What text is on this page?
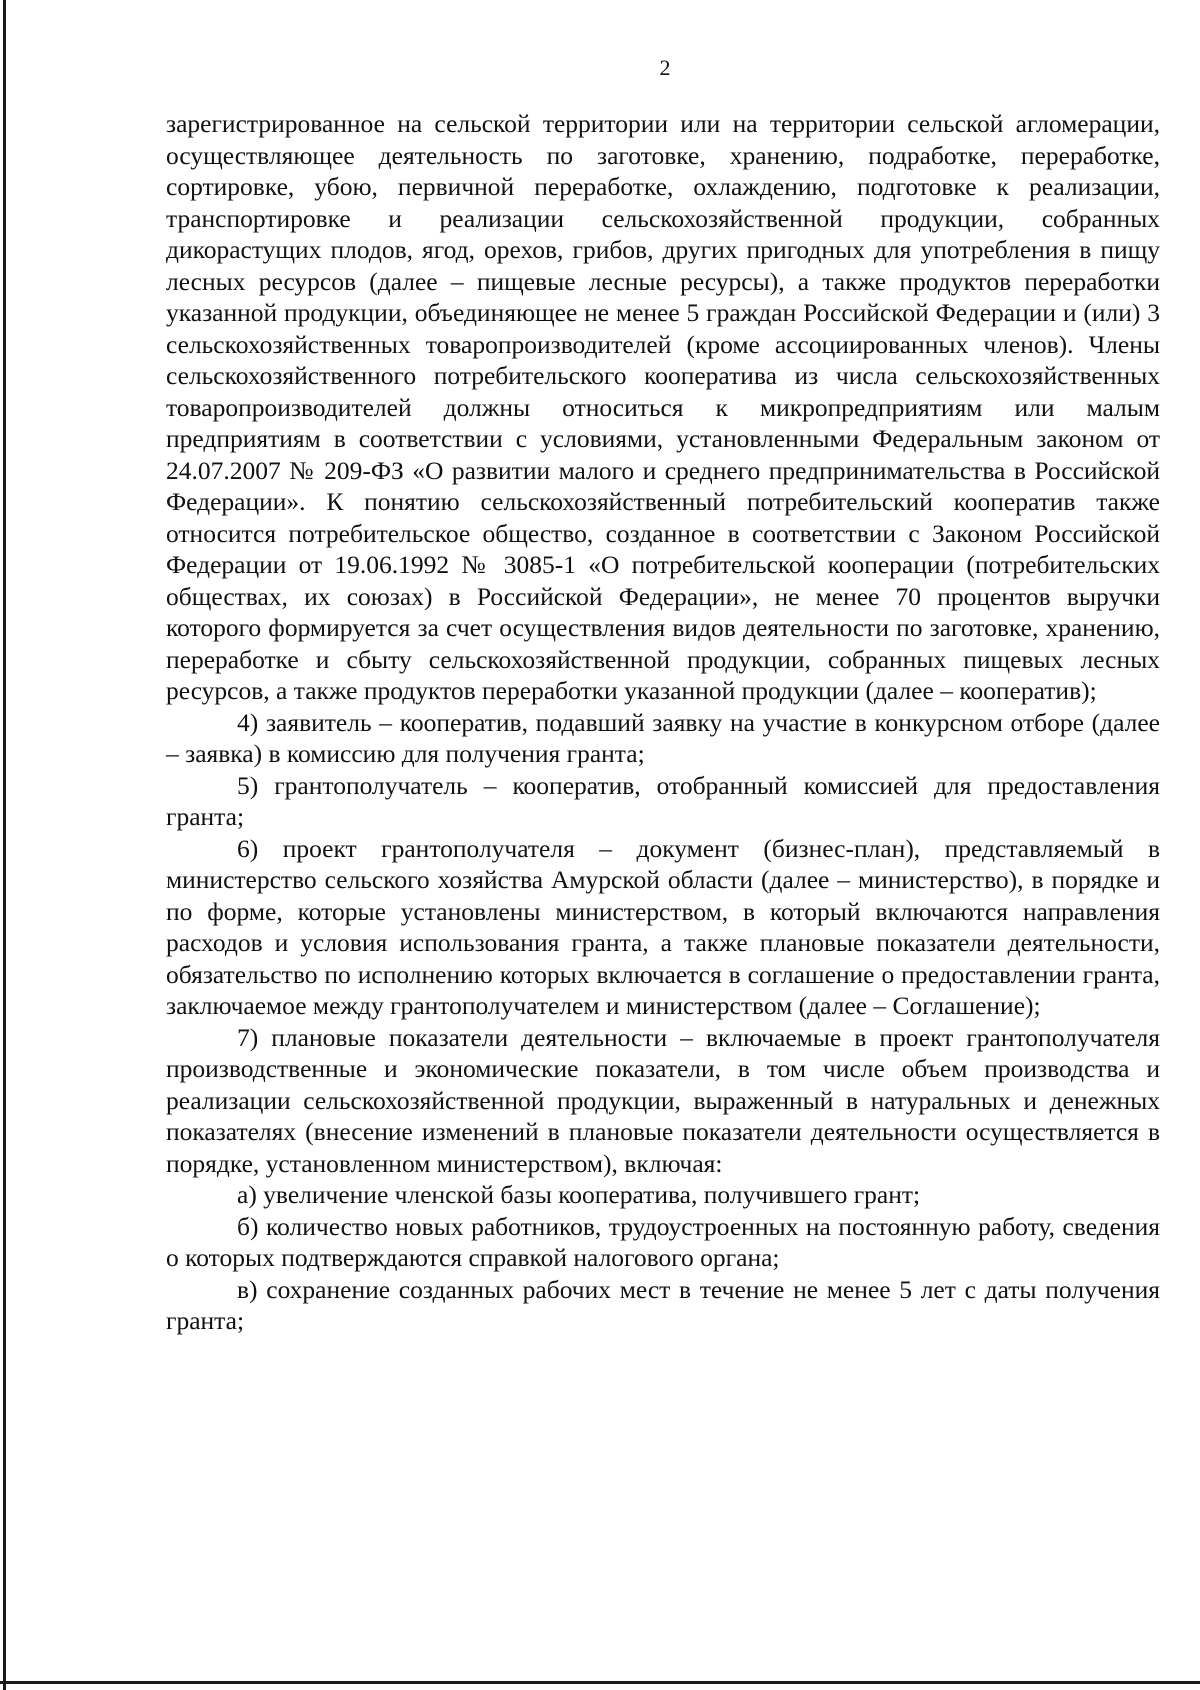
2

зарегистрированное на сельской территории или на территории сельской агломерации, осуществляющее деятельность по заготовке, хранению, подработке, переработке, сортировке, убою, первичной переработке, охлаждению, подготовке к реализации, транспортировке и реализации сельскохозяйственной продукции, собранных дикорастущих плодов, ягод, орехов, грибов, других пригодных для употребления в пищу лесных ресурсов (далее – пищевые лесные ресурсы), а также продуктов переработки указанной продукции, объединяющее не менее 5 граждан Российской Федерации и (или) 3 сельскохозяйственных товаропроизводителей (кроме ассоциированных членов). Члены сельскохозяйственного потребительского кооператива из числа сельскохозяйственных товаропроизводителей должны относиться к микропредприятиям или малым предприятиям в соответствии с условиями, установленными Федеральным законом от 24.07.2007 № 209-ФЗ «О развитии малого и среднего предпринимательства в Российской Федерации». К понятию сельскохозяйственный потребительский кооператив также относится потребительское общество, созданное в соответствии с Законом Российской Федерации от 19.06.1992 № 3085-1 «О потребительской кооперации (потребительских обществах, их союзах) в Российской Федерации», не менее 70 процентов выручки которого формируется за счет осуществления видов деятельности по заготовке, хранению, переработке и сбыту сельскохозяйственной продукции, собранных пищевых лесных ресурсов, а также продуктов переработки указанной продукции (далее – кооператив);

4) заявитель – кооператив, подавший заявку на участие в конкурсном отборе (далее – заявка) в комиссию для получения гранта;

5) грантополучатель – кооператив, отобранный комиссией для предоставления гранта;

6) проект грантополучателя – документ (бизнес-план), представляемый в министерство сельского хозяйства Амурской области (далее – министерство), в порядке и по форме, которые установлены министерством, в который включаются направления расходов и условия использования гранта, а также плановые показатели деятельности, обязательство по исполнению которых включается в соглашение о предоставлении гранта, заключаемое между грантополучателем и министерством (далее – Соглашение);

7) плановые показатели деятельности – включаемые в проект грантополучателя производственные и экономические показатели, в том числе объем производства и реализации сельскохозяйственной продукции, выраженный в натуральных и денежных показателях (внесение изменений в плановые показатели деятельности осуществляется в порядке, установленном министерством), включая:

а) увеличение членской базы кооператива, получившего грант;

б) количество новых работников, трудоустроенных на постоянную работу, сведения о которых подтверждаются справкой налогового органа;

в) сохранение созданных рабочих мест в течение не менее 5 лет с даты получения гранта;
